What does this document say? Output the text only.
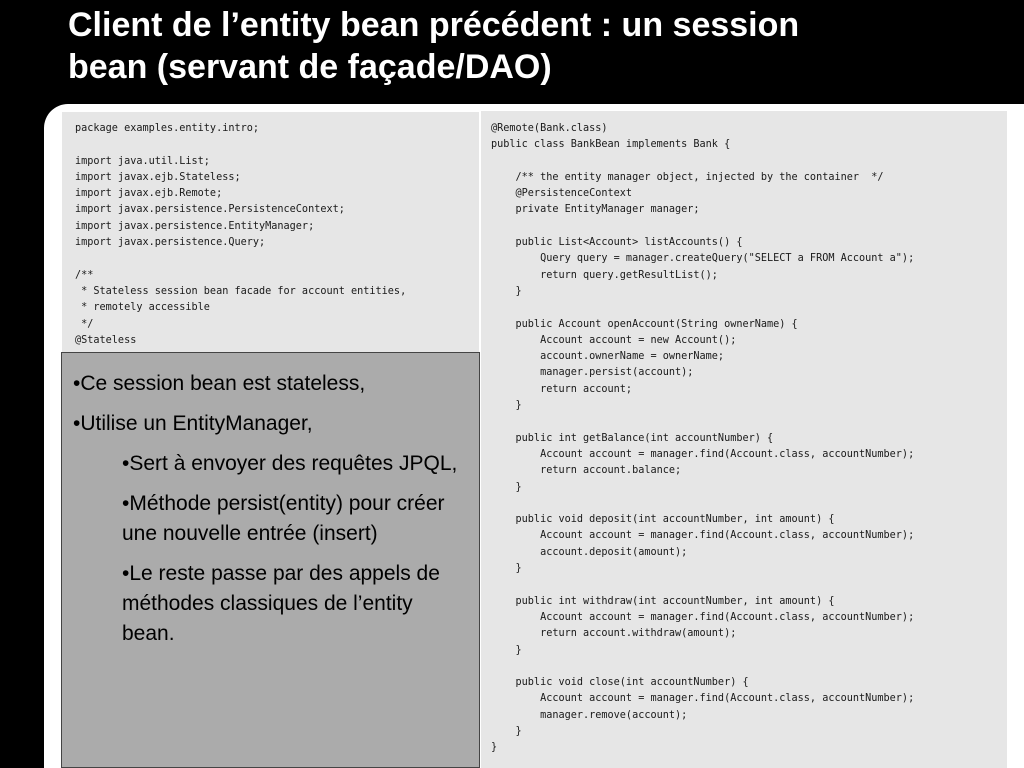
Client de l’entity bean précédent : un session
bean (servant de façade/DAO)
package examples.entity.intro;
import java.util.List;
import javax.ejb.Stateless;
import javax.ejb.Remote;
import javax.persistence.PersistenceContext;
import javax.persistence.EntityManager;
import javax.persistence.Query;
/**
* Stateless session bean facade for account entities,
* remotely accessible
*/
@Stateless
@Remote(Bank.class)
public class BankBean implements Bank {
/** the entity manager object, injected by the container  */
@PersistenceContext
private EntityManager manager;
public List<Account> listAccounts() {
Query query = manager.createQuery("SELECT a FROM Account a");
return query.getResultList();
}
public Account openAccount(String ownerName) {
Account account = new Account();
account.ownerName = ownerName;
manager.persist(account);
return account;
}
public int getBalance(int accountNumber) {
Account account = manager.find(Account.class, accountNumber);
return account.balance;
}
public void deposit(int accountNumber, int amount) {
Account account = manager.find(Account.class, accountNumber);
account.deposit(amount);
}
public int withdraw(int accountNumber, int amount) {
Account account = manager.find(Account.class, accountNumber);
return account.withdraw(amount);
}
public void close(int accountNumber) {
Account account = manager.find(Account.class, accountNumber);
manager.remove(account);
}
}

•Ce session bean est stateless,

•Utilise un EntityManager,

•Sert à envoyer des requêtes JPQL,

•Méthode persist(entity) pour créer une nouvelle entrée (insert)

•Le reste passe par des appels de méthodes classiques de l’entity bean.
